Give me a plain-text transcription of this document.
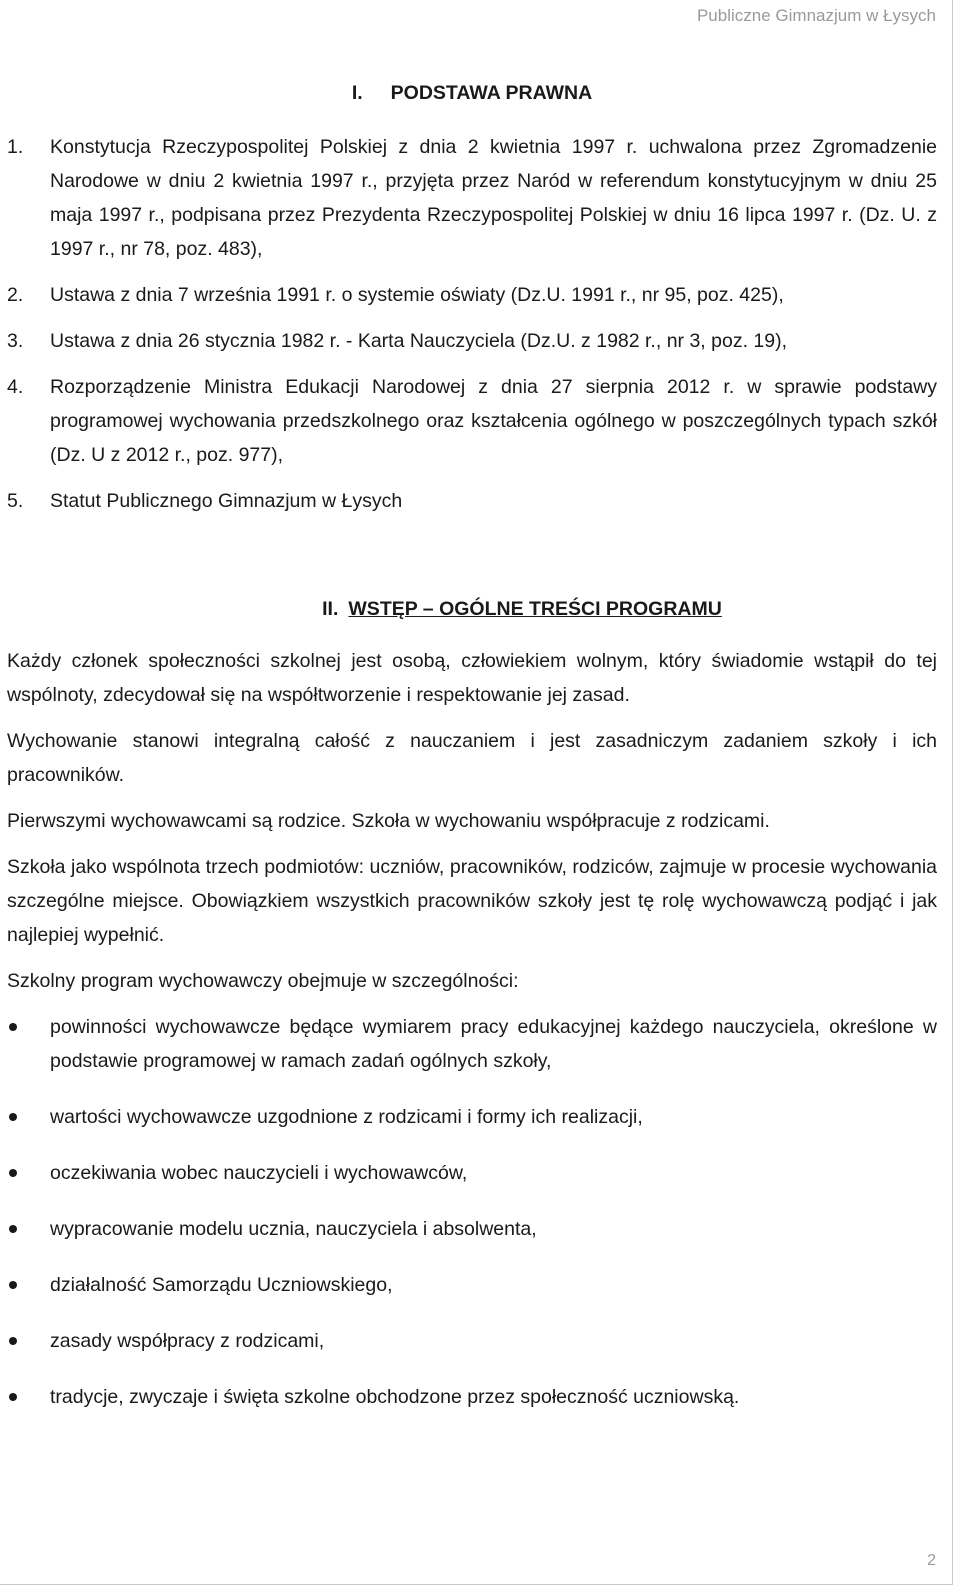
Publiczne Gimnazjum w Łysych
I. PODSTAWA PRAWNA
1. Konstytucja Rzeczypospolitej Polskiej z dnia 2 kwietnia 1997 r. uchwalona przez Zgromadzenie Narodowe w dniu 2 kwietnia 1997 r., przyjęta przez Naród w referendum konstytucyjnym w dniu 25 maja 1997 r., podpisana przez Prezydenta Rzeczypospolitej Polskiej w dniu 16 lipca 1997 r. (Dz. U. z 1997 r., nr 78, poz. 483),
2. Ustawa z dnia 7 września 1991 r. o systemie oświaty (Dz.U. 1991 r., nr 95, poz. 425),
3. Ustawa z dnia 26 stycznia 1982 r. - Karta Nauczyciela (Dz.U. z 1982 r., nr 3, poz. 19),
4. Rozporządzenie Ministra Edukacji Narodowej z dnia 27 sierpnia 2012 r. w sprawie podstawy programowej wychowania przedszkolnego oraz kształcenia ogólnego w poszczególnych typach szkół (Dz. U z 2012 r., poz. 977),
5. Statut Publicznego Gimnazjum w Łysych
II. WSTĘP – OGÓLNE TREŚCI PROGRAMU

Każdy członek społeczności szkolnej jest osobą, człowiekiem wolnym, który świadomie wstąpił do tej wspólnoty, zdecydował się na współtworzenie i respektowanie jej zasad.

Wychowanie stanowi integralną całość z nauczaniem i jest zasadniczym zadaniem szkoły i ich pracowników.

Pierwszymi wychowawcami są rodzice. Szkoła w wychowaniu współpracuje z rodzicami.

Szkoła jako wspólnota trzech podmiotów: uczniów, pracowników, rodziców, zajmuje w procesie wychowania szczególne miejsce. Obowiązkiem wszystkich pracowników szkoły jest tę rolę wychowawczą podjąć i jak najlepiej wypełnić.

Szkolny program wychowawczy obejmuje w szczególności:

powinności wychowawcze będące wymiarem pracy edukacyjnej każdego nauczyciela, określone w podstawie programowej w ramach zadań ogólnych szkoły,
wartości wychowawcze uzgodnione z rodzicami i formy ich realizacji,
oczekiwania wobec nauczycieli i wychowawców,
wypracowanie modelu ucznia, nauczyciela i absolwenta,
działalność Samorządu Uczniowskiego,
zasady współpracy z rodzicami,
tradycje, zwyczaje i święta szkolne obchodzone przez społeczność uczniowską.
2
